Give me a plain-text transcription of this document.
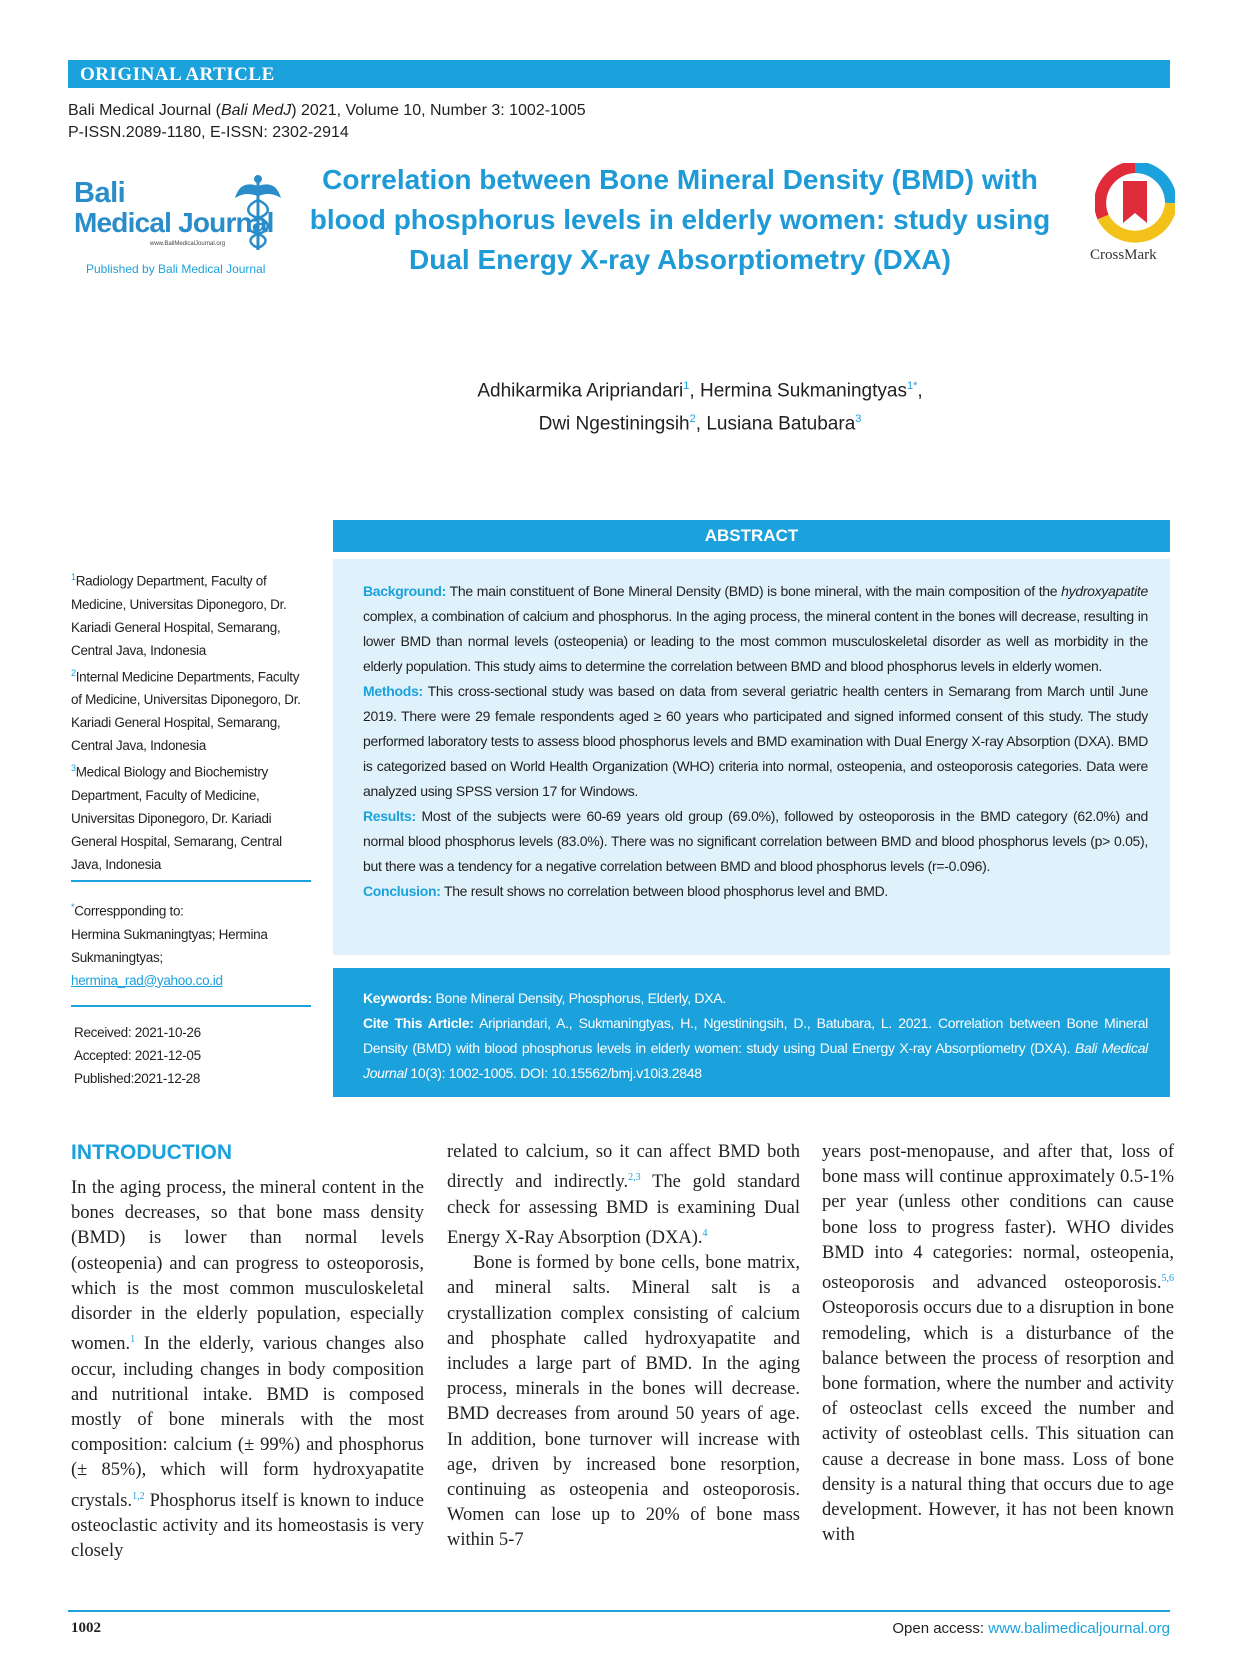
ORIGINAL ARTICLE
Bali Medical Journal (Bali MedJ) 2021, Volume 10, Number 3: 1002-1005
P-ISSN.2089-1180, E-ISSN: 2302-2914
Bali
Medical Journal
www.BaliMedicalJournal.org
Published by Bali Medical Journal
Correlation between Bone Mineral Density (BMD) with blood phosphorus levels in elderly women: study using Dual Energy X-ray Absorptiometry (DXA)	CrossMark
Adhikarmika Aripriandari$^1$, Hermina Sukmaningtyas$^{1*}$,
Dwi Ngestiningsih$^2$, Lusiana Batubara$^3$
ABSTRACT

Background: The main constituent of Bone Mineral Density (BMD) is bone mineral, with the main composition of the hydroxyapatite complex, a combination of calcium and phosphorus. In the aging process, the mineral content in the bones will decrease, resulting in lower BMD than normal levels (osteopenia) or leading to the most common musculoskeletal disorder as well as morbidity in the elderly population. This study aims to determine the correlation between BMD and blood phosphorus levels in elderly women.

Methods: This cross-sectional study was based on data from several geriatric health centers in Semarang from March until June 2019. There were 29 female respondents aged ≥ 60 years who participated and signed informed consent of this study. The study performed laboratory tests to assess blood phosphorus levels and BMD examination with Dual Energy X-ray Absorption (DXA). BMD is categorized based on World Health Organization (WHO) criteria into normal, osteopenia, and osteoporosis categories. Data were analyzed using SPSS version 17 for Windows.

Results: Most of the subjects were 60-69 years old group (69.0%), followed by osteoporosis in the BMD category (62.0%) and normal blood phosphorus levels (83.0%). There was no significant correlation between BMD and blood phosphorus levels (p> 0.05), but there was a tendency for a negative correlation between BMD and blood phosphorus levels (r=-0.096).

Conclusion: The result shows no correlation between blood phosphorus level and BMD.

Keywords: Bone Mineral Density, Phosphorus, Elderly, DXA.

Cite This Article: Aripriandari, A., Sukmaningtyas, H., Ngestiningsih, D., Batubara, L. 2021. Correlation between Bone Mineral Density (BMD) with blood phosphorus levels in elderly women: study using Dual Energy X-ray Absorptiometry (DXA). Bali Medical Journal 10(3): 1002-1005. DOI: 10.15562/bmj.v10i3.2848

$^1$Radiology Department, Faculty of Medicine, Universitas Diponegoro, Dr. Kariadi General Hospital, Semarang, Central Java, Indonesia
$^2$Internal Medicine Departments, Faculty of Medicine, Universitas Diponegoro, Dr. Kariadi General Hospital, Semarang, Central Java, Indonesia
$^3$Medical Biology and Biochemistry Department, Faculty of Medicine, Universitas Diponegoro, Dr. Kariadi General Hospital, Semarang, Central Java, Indonesia
*Correspponding to:
Hermina Sukmaningtyas; Hermina Sukmaningtyas;
hermina_rad@yahoo.co.id
Received: 2021-10-26
Accepted: 2021-12-05
Published:2021-12-28
INTRODUCTION

In the aging process, the mineral content in the bones decreases, so that bone mass density (BMD) is lower than normal levels (osteopenia) and can progress to osteoporosis, which is the most common musculoskeletal disorder in the elderly population, especially women.$^1$ In the elderly, various changes also occur, including changes in body composition and nutritional intake. BMD is composed mostly of bone minerals with the most composition: calcium (± 99%) and phosphorus (± 85%), which will form hydroxyapatite crystals.$^{1,2}$ Phosphorus itself is known to induce osteoclastic activity and its homeostasis is very closely

related to calcium, so it can affect BMD both directly and indirectly.$^{2,3}$ The gold standard check for assessing BMD is examining Dual Energy X-Ray Absorption (DXA).$^4$

Bone is formed by bone cells, bone matrix, and mineral salts. Mineral salt is a crystallization complex consisting of calcium and phosphate called hydroxyapatite and includes a large part of BMD. In the aging process, minerals in the bones will decrease. BMD decreases from around 50 years of age. In addition, bone turnover will increase with age, driven by increased bone resorption, continuing as osteopenia and osteoporosis. Women can lose up to 20% of bone mass within 5-7

years post-menopause, and after that, loss of bone mass will continue approximately 0.5-1% per year (unless other conditions can cause bone loss to progress faster). WHO divides BMD into 4 categories: normal, osteopenia, osteoporosis and advanced osteoporosis.$^{5,6}$ Osteoporosis occurs due to a disruption in bone remodeling, which is a disturbance of the balance between the process of resorption and bone formation, where the number and activity of osteoclast cells exceed the number and activity of osteoblast cells. This situation can cause a decrease in bone mass. Loss of bone density is a natural thing that occurs due to age development. However, it has not been known with

1002	Open access: www.balimedicaljournal.org
